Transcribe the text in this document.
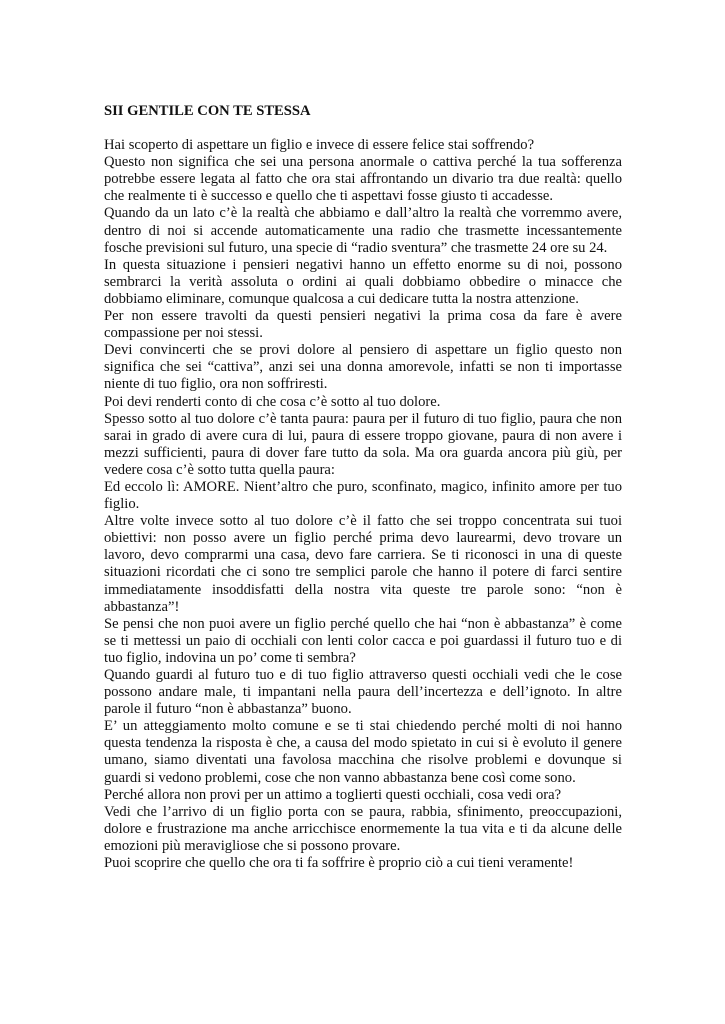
SII GENTILE CON TE STESSA

Hai scoperto di aspettare un figlio e invece di essere felice stai soffrendo?

Questo non significa che sei una persona anormale o cattiva perché la tua sofferenza potrebbe essere legata al fatto che ora stai affrontando un divario tra due realtà: quello che realmente ti è successo e quello che ti aspettavi fosse giusto ti accadesse.

Quando da un lato c’è la realtà che abbiamo e dall’altro la realtà che vorremmo avere, dentro di noi si accende automaticamente una radio che trasmette incessantemente fosche previsioni sul futuro, una specie di “radio sventura” che trasmette 24 ore su 24.

In questa situazione i pensieri negativi hanno un effetto enorme su di noi, possono sembrarci la verità assoluta o ordini ai quali dobbiamo obbedire o minacce che dobbiamo eliminare, comunque qualcosa a cui dedicare tutta la nostra attenzione.

Per non essere travolti da questi pensieri negativi la prima cosa da fare è avere compassione per noi stessi.

Devi convincerti che se provi dolore al pensiero di aspettare un figlio questo non significa che sei “cattiva”, anzi sei una donna amorevole, infatti se non ti importasse niente di tuo figlio, ora non soffriresti.

Poi devi renderti conto di che cosa c’è sotto al tuo dolore.

Spesso sotto al tuo dolore c’è tanta paura: paura per il futuro di tuo figlio, paura che non sarai in grado di avere cura di lui, paura di essere troppo giovane, paura di non avere i mezzi sufficienti, paura di dover fare tutto da sola. Ma ora guarda ancora più giù, per vedere cosa c’è sotto tutta quella paura:

Ed eccolo lì: AMORE. Nient’altro che puro, sconfinato, magico, infinito amore per tuo figlio.

Altre volte invece sotto al tuo dolore c’è il fatto che sei troppo concentrata sui tuoi obiettivi: non posso avere un figlio perché prima devo laurearmi, devo trovare un lavoro, devo comprarmi una casa, devo fare carriera. Se ti riconosci in una di queste situazioni ricordati che ci sono tre semplici parole che hanno il potere di farci sentire immediatamente insoddisfatti della nostra vita queste tre parole sono: “non è abbastanza”!

Se pensi che non puoi avere un figlio perché quello che hai “non è abbastanza” è come se ti mettessi un paio di occhiali con lenti color cacca e poi guardassi il futuro tuo e di tuo figlio, indovina un po’ come ti sembra?

Quando guardi al futuro tuo e di tuo figlio attraverso questi occhiali vedi che le cose possono andare male, ti impantani nella paura dell’incertezza e dell’ignoto. In altre parole il futuro “non è abbastanza” buono.

E’ un atteggiamento molto comune e se ti stai chiedendo perché molti di noi hanno questa tendenza la risposta è che, a causa del modo spietato in cui si è evoluto il genere umano, siamo diventati una favolosa macchina che risolve problemi e dovunque si guardi si vedono problemi, cose che non vanno abbastanza bene così come sono.

Perché allora non provi per un attimo a toglierti questi occhiali, cosa vedi ora?

Vedi che l’arrivo di un figlio porta con se paura, rabbia, sfinimento, preoccupazioni, dolore e frustrazione ma anche arricchisce enormemente la tua vita e ti da alcune delle emozioni più meravigliose che si possono provare.

Puoi scoprire che quello che ora ti fa soffrire è proprio ciò a cui tieni veramente!
